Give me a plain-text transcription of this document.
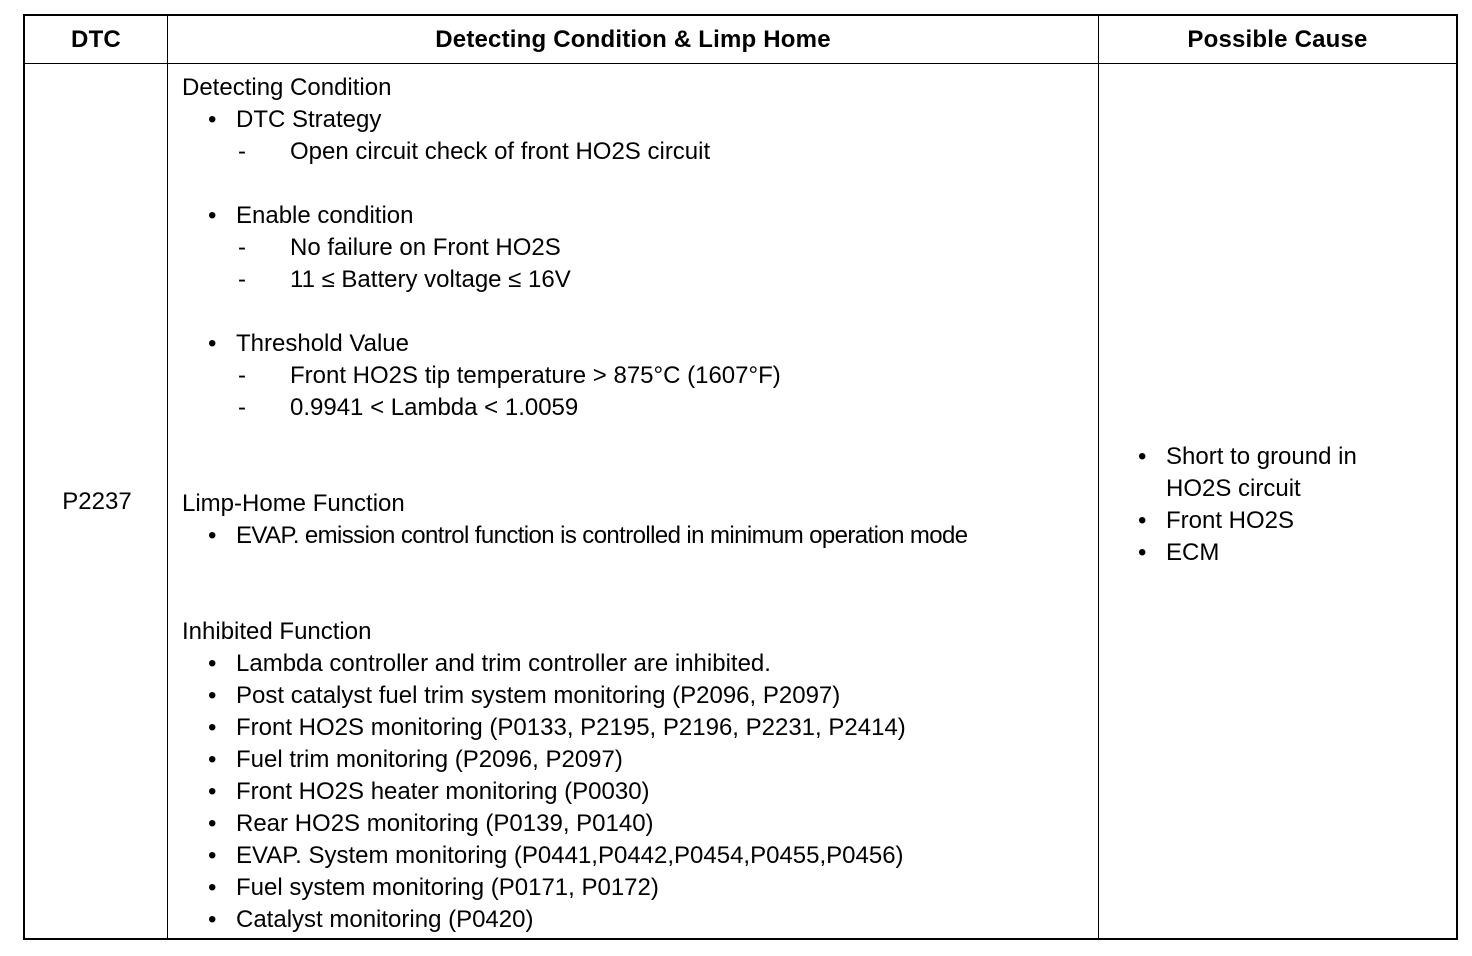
DTC	Detecting Condition & Limp Home	Possible Cause
P2237
Detecting Condition
• DTC Strategy
- Open circuit check of front HO2S circuit
• Enable condition
- No failure on Front HO2S
- 11 ≤ Battery voltage ≤ 16V
• Threshold Value
- Front HO2S tip temperature > 875°C (1607°F)
- 0.9941 < Lambda < 1.0059
Limp-Home Function
• EVAP. emission control function is controlled in minimum operation mode
Inhibited Function
• Lambda controller and trim controller are inhibited.
• Post catalyst fuel trim system monitoring (P2096, P2097)
• Front HO2S monitoring (P0133, P2195, P2196, P2231, P2414)
• Fuel trim monitoring (P2096, P2097)
• Front HO2S heater monitoring (P0030)
• Rear HO2S monitoring (P0139, P0140)
• EVAP. System monitoring (P0441,P0442,P0454,P0455,P0456)
• Fuel system monitoring (P0171, P0172)
• Catalyst monitoring (P0420)
• Short to ground in
HO2S circuit
• Front HO2S
• ECM
